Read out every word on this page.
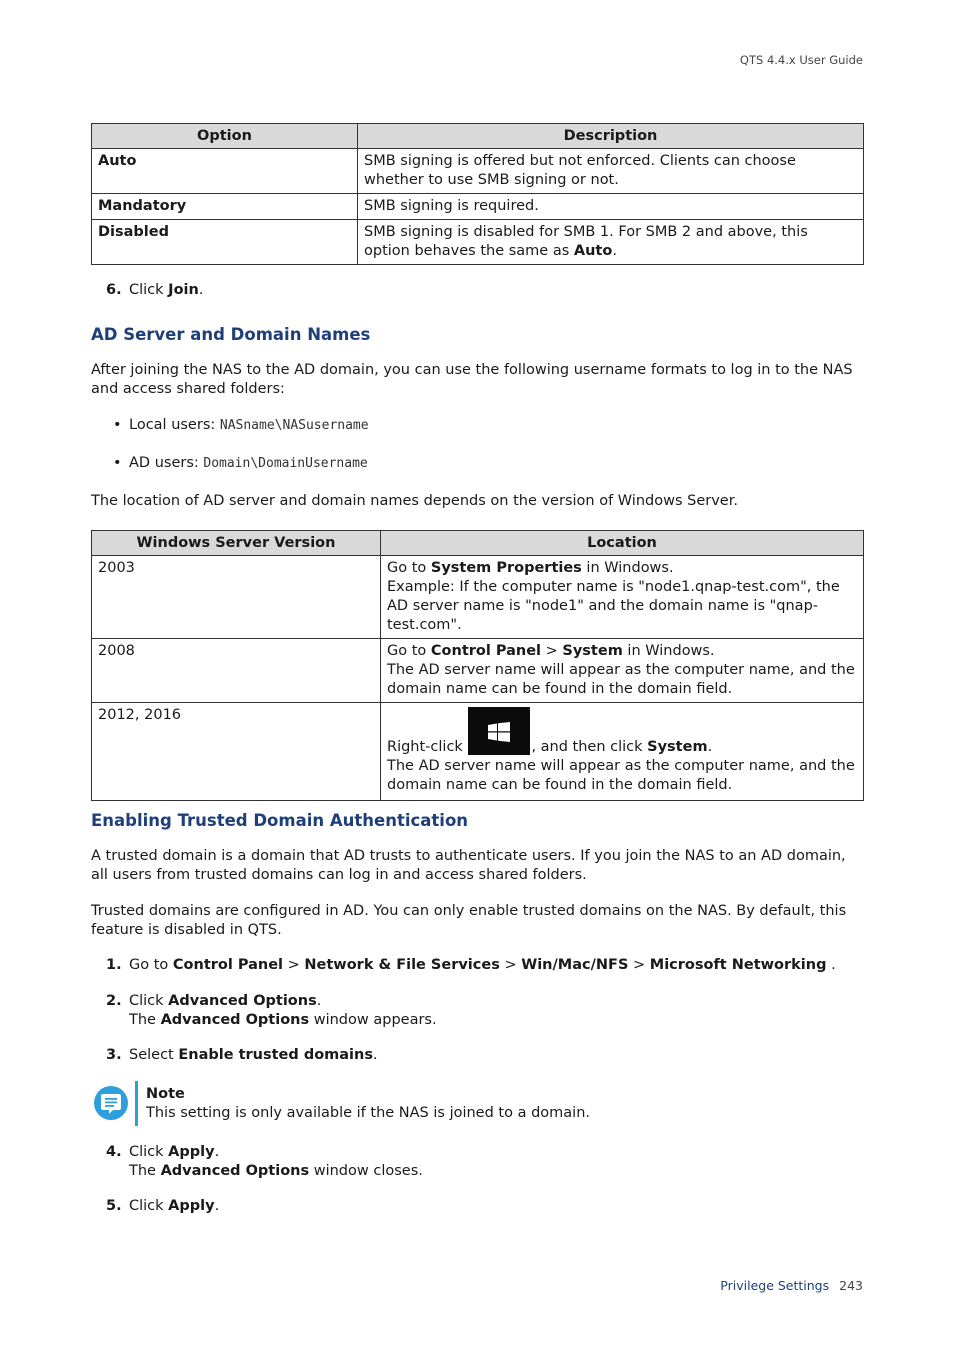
QTS 4.4.x User Guide
Option	Description
Auto	SMB signing is offered but not enforced. Clients can choose whether to use SMB signing or not.
Mandatory	SMB signing is required.
Disabled	SMB signing is disabled for SMB 1. For SMB 2 and above, this option behaves the same as Auto.
6. Click Join.
AD Server and Domain Names

After joining the NAS to the AD domain, you can use the following username formats to log in to the NAS and access shared folders:

• Local users: NASname\NASusername
• AD users: Domain\DomainUsername

The location of AD server and domain names depends on the version of Windows Server.

Windows Server Version	Location
2003	Go to System Properties in Windows.
Example: If the computer name is "node1.qnap-test.com", the AD server name is "node1" and the domain name is "qnap-test.com".
2008	Go to Control Panel > System in Windows.
The AD server name will appear as the computer name, and the domain name can be found in the domain field.
2012, 2016	Right-click , and then click System.
The AD server name will appear as the computer name, and the domain name can be found in the domain field.
Enabling Trusted Domain Authentication

A trusted domain is a domain that AD trusts to authenticate users. If you join the NAS to an AD domain, all users from trusted domains can log in and access shared folders.

Trusted domains are configured in AD. You can only enable trusted domains on the NAS. By default, this feature is disabled in QTS.

1. Go to Control Panel > Network & File Services > Win/Mac/NFS > Microsoft Networking .
2. Click Advanced Options.
The Advanced Options window appears.
3. Select Enable trusted domains.
Note
This setting is only available if the NAS is joined to a domain.
4. Click Apply.
The Advanced Options window closes.
5. Click Apply.
Privilege Settings 243
